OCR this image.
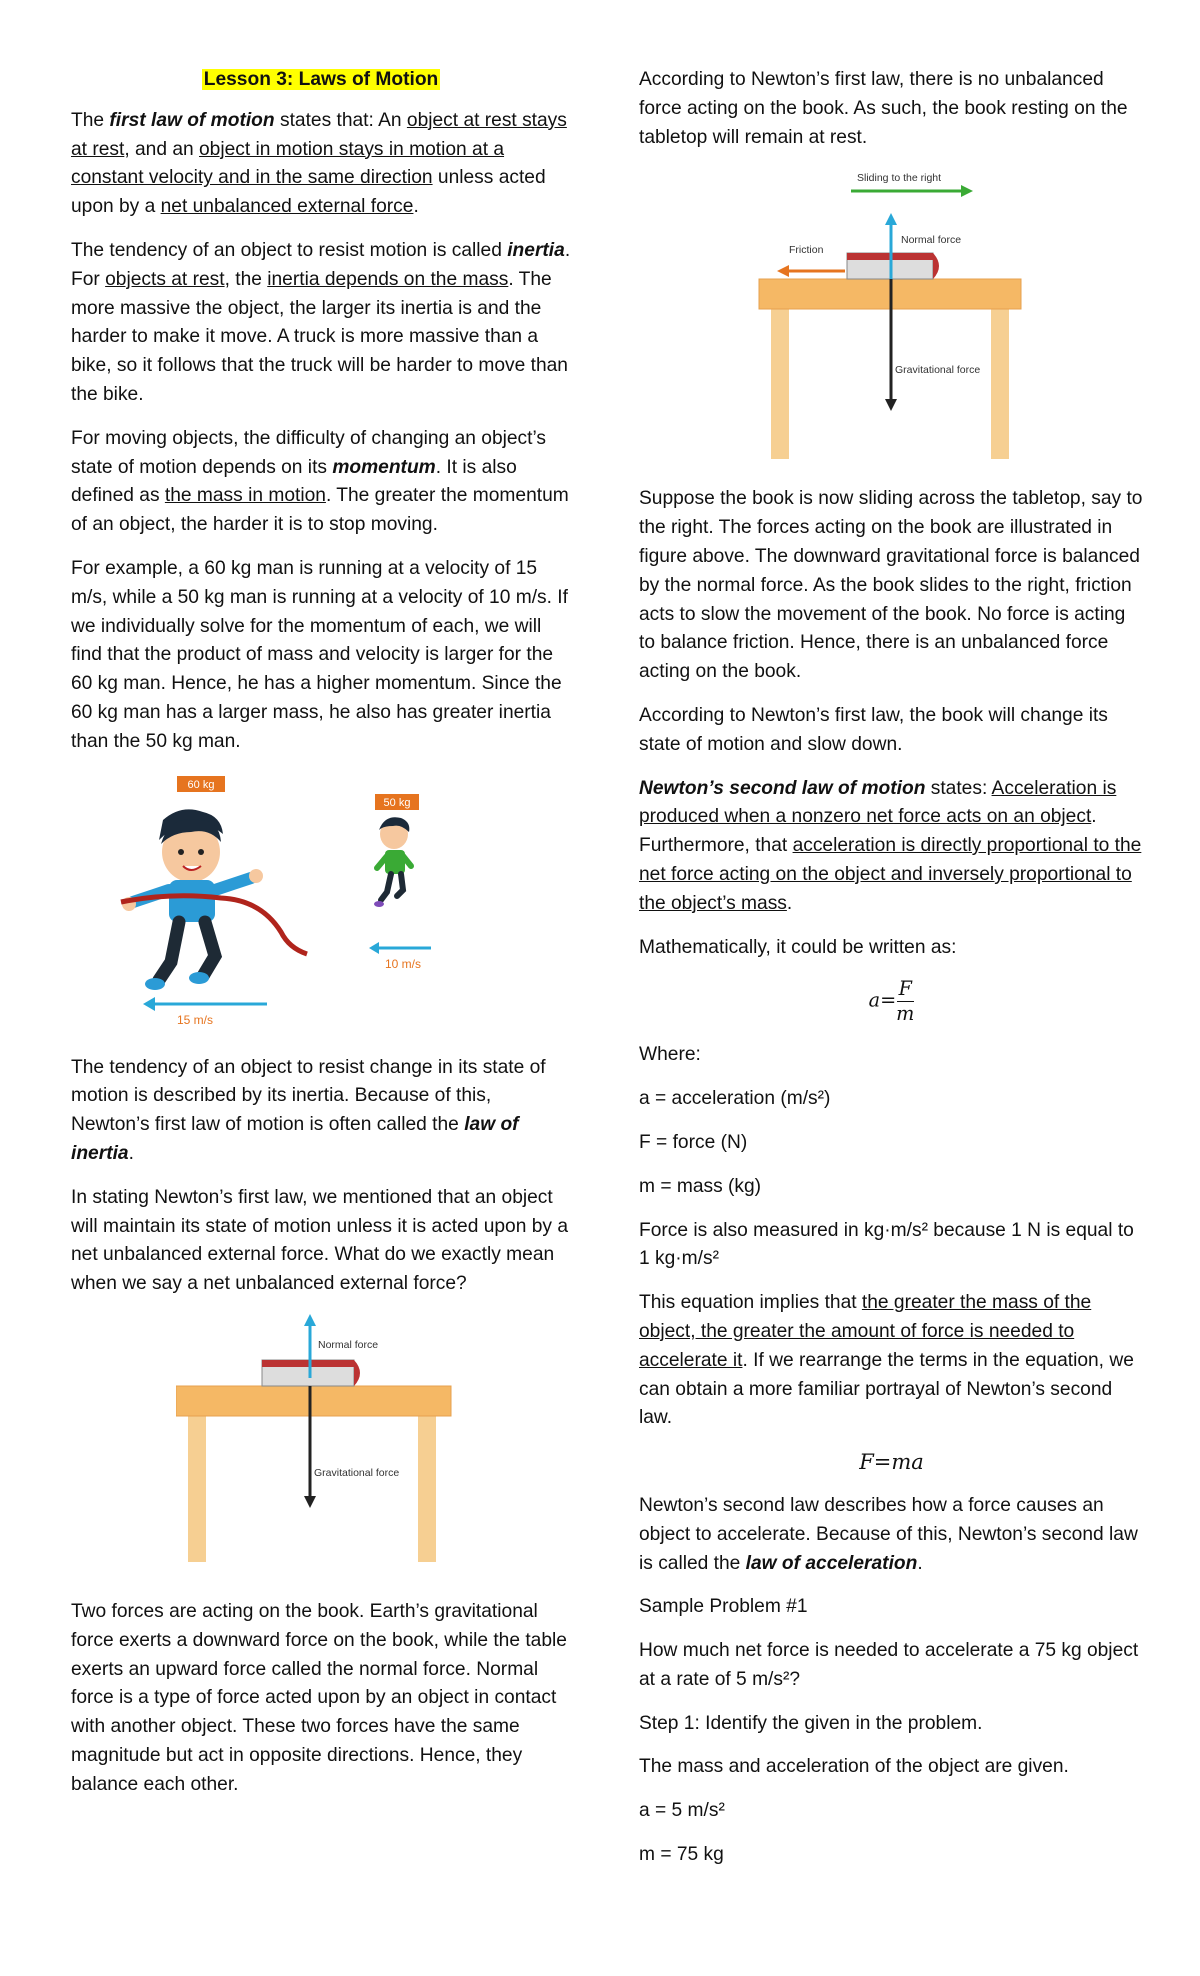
Lesson 3: Laws of Motion

The first law of motion states that: An object at rest stays at rest, and an object in motion stays in motion at a constant velocity and in the same direction unless acted upon by a net unbalanced external force.

The tendency of an object to resist motion is called inertia. For objects at rest, the inertia depends on the mass. The more massive the object, the larger its inertia is and the harder to make it move. A truck is more massive than a bike, so it follows that the truck will be harder to move than the bike.

For moving objects, the difficulty of changing an object’s state of motion depends on its momentum. It is also defined as the mass in motion. The greater the momentum of an object, the harder it is to stop moving.

For example, a 60 kg man is running at a velocity of 15 m/s, while a 50 kg man is running at a velocity of 10 m/s. If we individually solve for the momentum of each, we will find that the product of mass and velocity is larger for the 60 kg man. Hence, he has a higher momentum. Since the 60 kg man has a larger mass, he also has greater inertia than the 50 kg man.

60 kg
50 kg
10 m/s
15 m/s

The tendency of an object to resist change in its state of motion is described by its inertia. Because of this, Newton’s first law of motion is often called the law of inertia.

In stating Newton’s first law, we mentioned that an object will maintain its state of motion unless it is acted upon by a net unbalanced external force. What do we exactly mean when we say a net unbalanced external force?

Normal force
Gravitational force

Two forces are acting on the book. Earth’s gravitational force exerts a downward force on the book, while the table exerts an upward force called the normal force. Normal force is a type of force acted upon by an object in contact with another object. These two forces have the same magnitude but act in opposite directions. Hence, they balance each other.

According to Newton’s first law, there is no unbalanced force acting on the book. As such, the book resting on the tabletop will remain at rest.

Sliding to the right
Friction
Normal force
Gravitational force

Suppose the book is now sliding across the tabletop, say to the right. The forces acting on the book are illustrated in figure above. The downward gravitational force is balanced by the normal force. As the book slides to the right, friction acts to slow the movement of the book. No force is acting to balance friction. Hence, there is an unbalanced force acting on the book.

According to Newton’s first law, the book will change its state of motion and slow down.

Newton’s second law of motion states: Acceleration is produced when a nonzero net force acts on an object. Furthermore, that acceleration is directly proportional to the net force acting on the object and inversely proportional to the object’s mass.

Mathematically, it could be written as:

$a= \frac{F}{m}$

Where:

a = acceleration (m/s²)

F = force (N)

m = mass (kg)

Force is also measured in kg·m/s² because 1 N is equal to 1 kg·m/s²

This equation implies that the greater the mass of the object, the greater the amount of force is needed to accelerate it. If we rearrange the terms in the equation, we can obtain a more familiar portrayal of Newton’s second law.

F=ma

Newton’s second law describes how a force causes an object to accelerate. Because of this, Newton’s second law is called the law of acceleration.

Sample Problem #1

How much net force is needed to accelerate a 75 kg object at a rate of 5 m/s²?

Step 1: Identify the given in the problem.

The mass and acceleration of the object are given.

a = 5 m/s²

m = 75 kg
